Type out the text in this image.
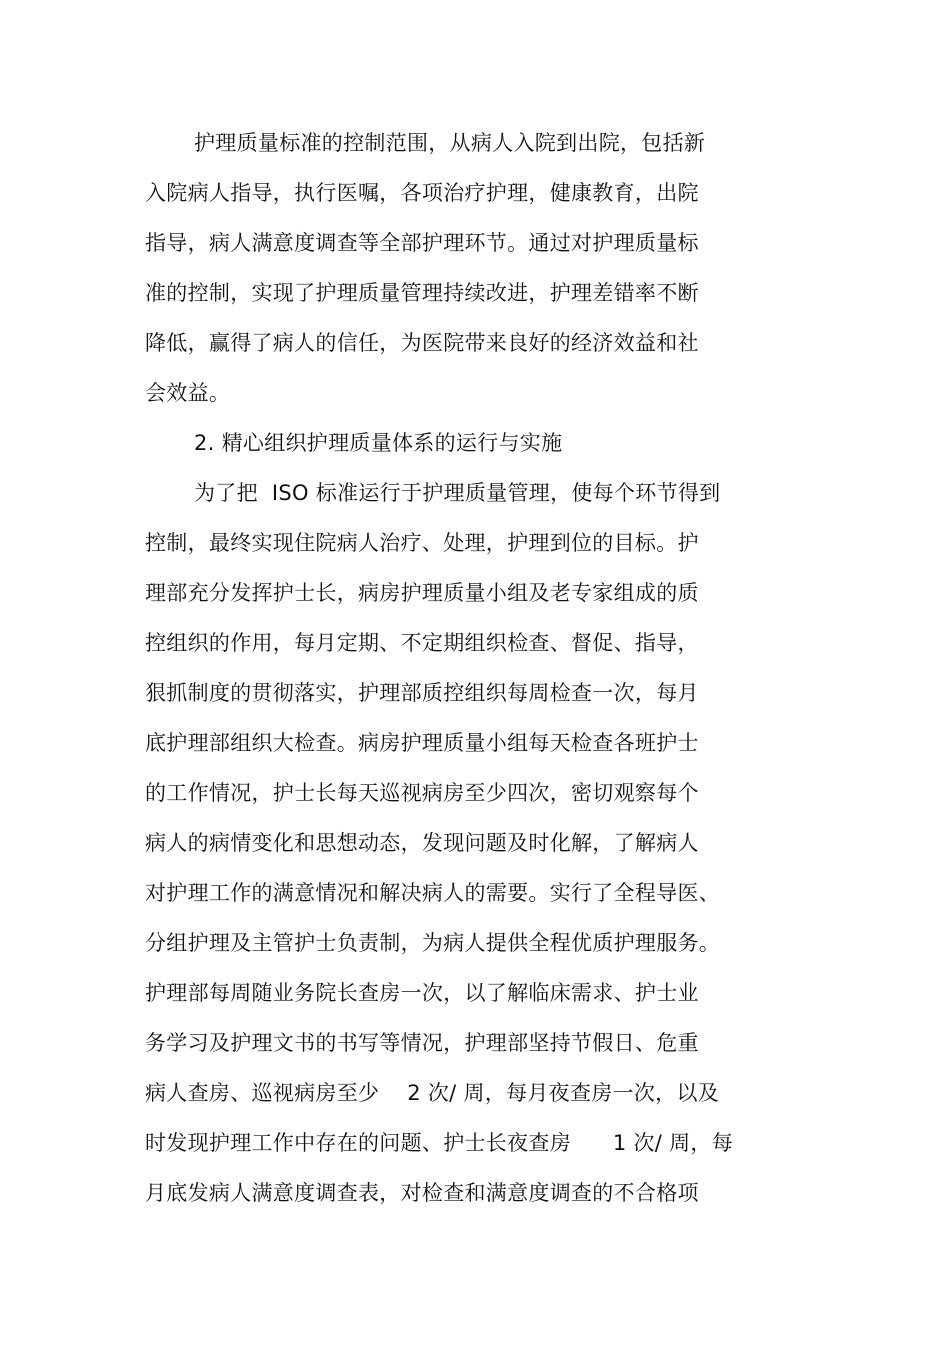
护理质量标准的控制范围，从病人入院到出院，包括新
入院病人指导，执行医嘱，各项治疗护理，健康教育，出院
指导，病人满意度调查等全部护理环节。通过对护理质量标
准的控制，实现了护理质量管理持续改进，护理差错率不断
降低，赢得了病人的信任，为医院带来良好的经济效益和社
会效益。
2. 精心组织护理质量体系的运行与实施
为了把  ISO 标准运行于护理质量管理，使每个环节得到
控制，最终实现住院病人治疗、处理，护理到位的目标。护
理部充分发挥护士长，病房护理质量小组及老专家组成的质
控组织的作用，每月定期、不定期组织检查、督促、指导，
狠抓制度的贯彻落实，护理部质控组织每周检查一次，每月
底护理部组织大检查。病房护理质量小组每天检查各班护士
的工作情况，护士长每天巡视病房至少四次，密切观察每个
病人的病情变化和思想动态，发现问题及时化解，了解病人
对护理工作的满意情况和解决病人的需要。实行了全程导医、
分组护理及主管护士负责制，为病人提供全程优质护理服务。
护理部每周随业务院长查房一次，以了解临床需求、护士业
务学习及护理文书的书写等情况，护理部坚持节假日、危重
病人查房、巡视病房至少    2 次/ 周，每月夜查房一次，以及
时发现护理工作中存在的问题、护士长夜查房      1 次/ 周，每
月底发病人满意度调查表，对检查和满意度调查的不合格项
